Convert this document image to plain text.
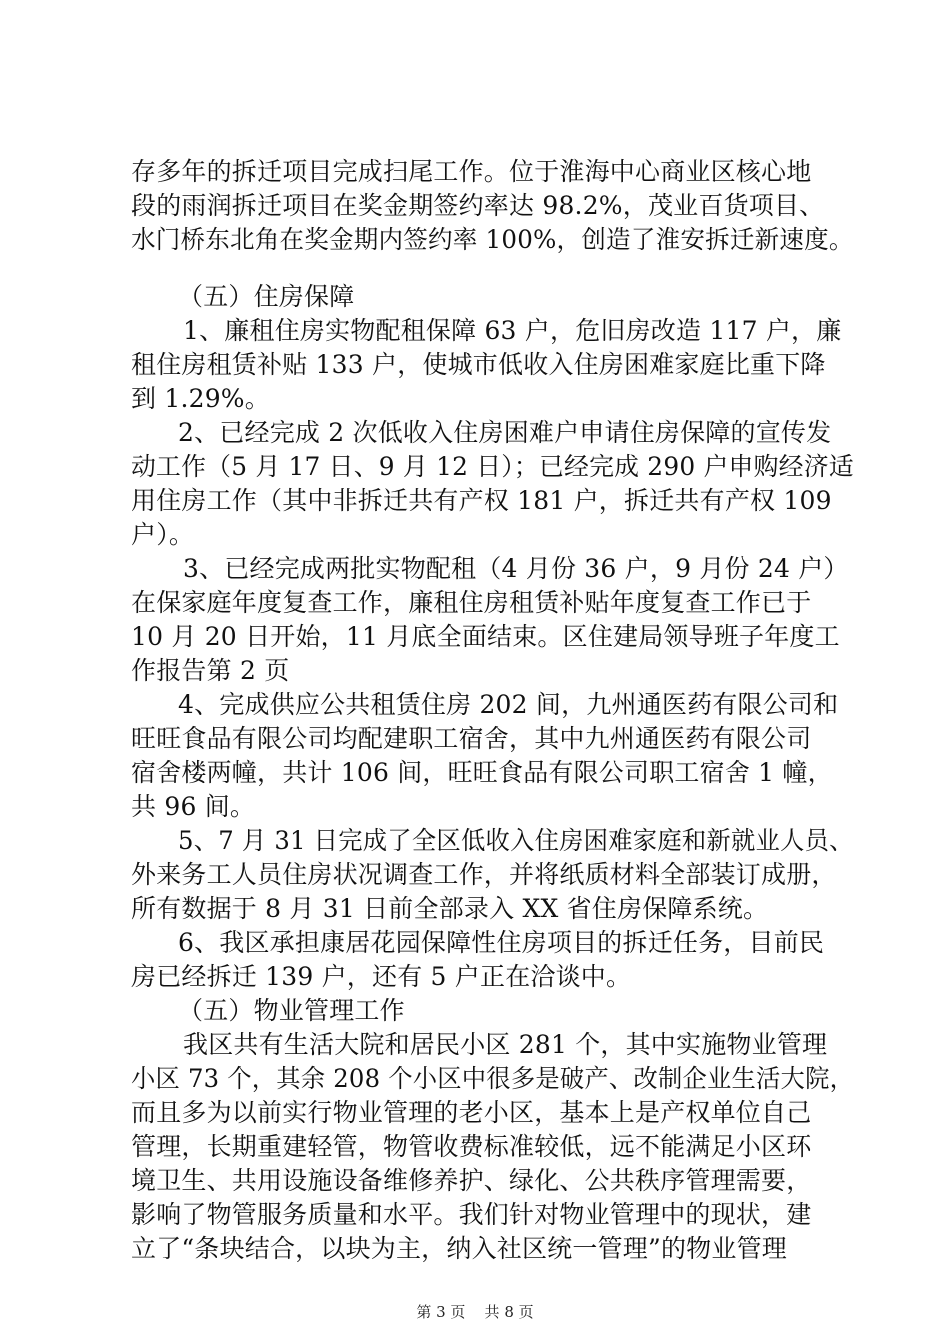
存多年的拆迁项目完成扫尾工作。位于淮海中心商业区核心地
段的雨润拆迁项目在奖金期签约率达 98.2%，茂业百货项目、
水门桥东北角在奖金期内签约率 100%，创造了淮安拆迁新速度。
（五）住房保障
1、廉租住房实物配租保障 63 户，危旧房改造 117 户，廉
租住房租赁补贴 133 户，使城市低收入住房困难家庭比重下降
到 1.29%。
2、已经完成 2 次低收入住房困难户申请住房保障的宣传发
动工作（5 月 17 日、9 月 12 日）；已经完成 290 户申购经济适
用住房工作（其中非拆迁共有产权 181 户，拆迁共有产权 109
户）。
3、已经完成两批实物配租（4 月份 36 户，9 月份 24 户）
在保家庭年度复查工作，廉租住房租赁补贴年度复查工作已于
10 月 20 日开始，11 月底全面结束。区住建局领导班子年度工
作报告第 2 页
4、完成供应公共租赁住房 202 间，九州通医药有限公司和
旺旺食品有限公司均配建职工宿舍，其中九州通医药有限公司
宿舍楼两幢，共计 106 间，旺旺食品有限公司职工宿舍 1 幢，
共 96 间。
5、7 月 31 日完成了全区低收入住房困难家庭和新就业人员、
外来务工人员住房状况调查工作，并将纸质材料全部装订成册，
所有数据于 8 月 31 日前全部录入 XX 省住房保障系统。
6、我区承担康居花园保障性住房项目的拆迁任务，目前民
房已经拆迁 139 户，还有 5 户正在洽谈中。
（五）物业管理工作
我区共有生活大院和居民小区 281 个，其中实施物业管理
小区 73 个，其余 208 个小区中很多是破产、改制企业生活大院，
而且多为以前实行物业管理的老小区，基本上是产权单位自己
管理，长期重建轻管，物管收费标准较低，远不能满足小区环
境卫生、共用设施设备维修养护、绿化、公共秩序管理需要，
影响了物管服务质量和水平。我们针对物业管理中的现状，建
立了“条块结合，以块为主，纳入社区统一管理”的物业管理
第 3 页 共 8 页
